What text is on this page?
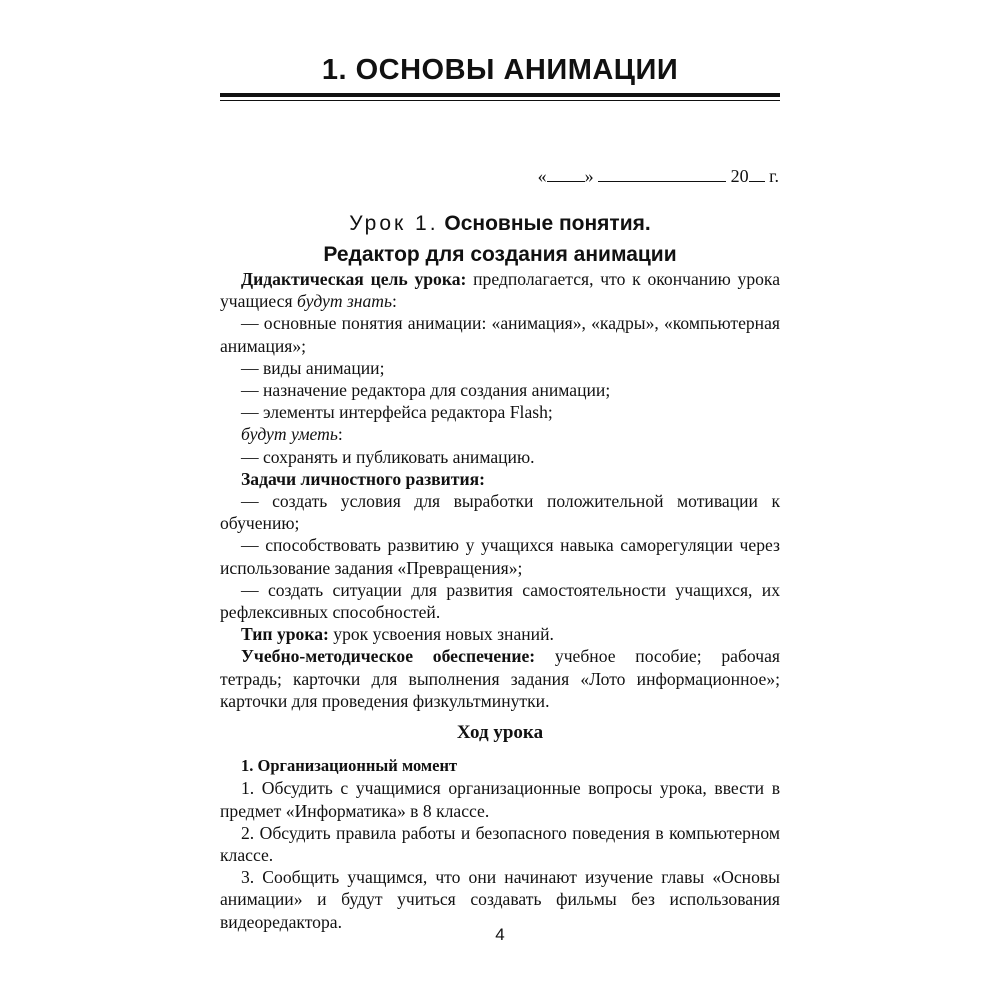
1. ОСНОВЫ АНИМАЦИИ
« »	20 г.
Урок 1. Основные понятия.
Редактор для создания анимации

Дидактическая цель урока: предполагается, что к окончанию урока учащиеся будут знать:

— основные понятия анимации: «анимация», «кадры», «компьютерная анимация»;

— виды анимации;

— назначение редактора для создания анимации;

— элементы интерфейса редактора Flash;

будут уметь:

— сохранять и публиковать анимацию.

Задачи личностного развития:

— создать условия для выработки положительной мотивации к обучению;

— способствовать развитию у учащихся навыка саморегуляции через использование задания «Превращения»;

— создать ситуации для развития самостоятельности учащихся, их рефлексивных способностей.

Тип урока: урок усвоения новых знаний.

Учебно-методическое обеспечение: учебное пособие; рабочая тетрадь; карточки для выполнения задания «Лото информационное»; карточки для проведения физкультминутки.

Ход урока

1. Организационный момент

1. Обсудить с учащимися организационные вопросы урока, ввести в предмет «Информатика» в 8 классе.

2. Обсудить правила работы и безопасного поведения в компьютерном классе.

3. Сообщить учащимся, что они начинают изучение главы «Основы анимации» и будут учиться создавать фильмы без использования видеоредактора.

4
